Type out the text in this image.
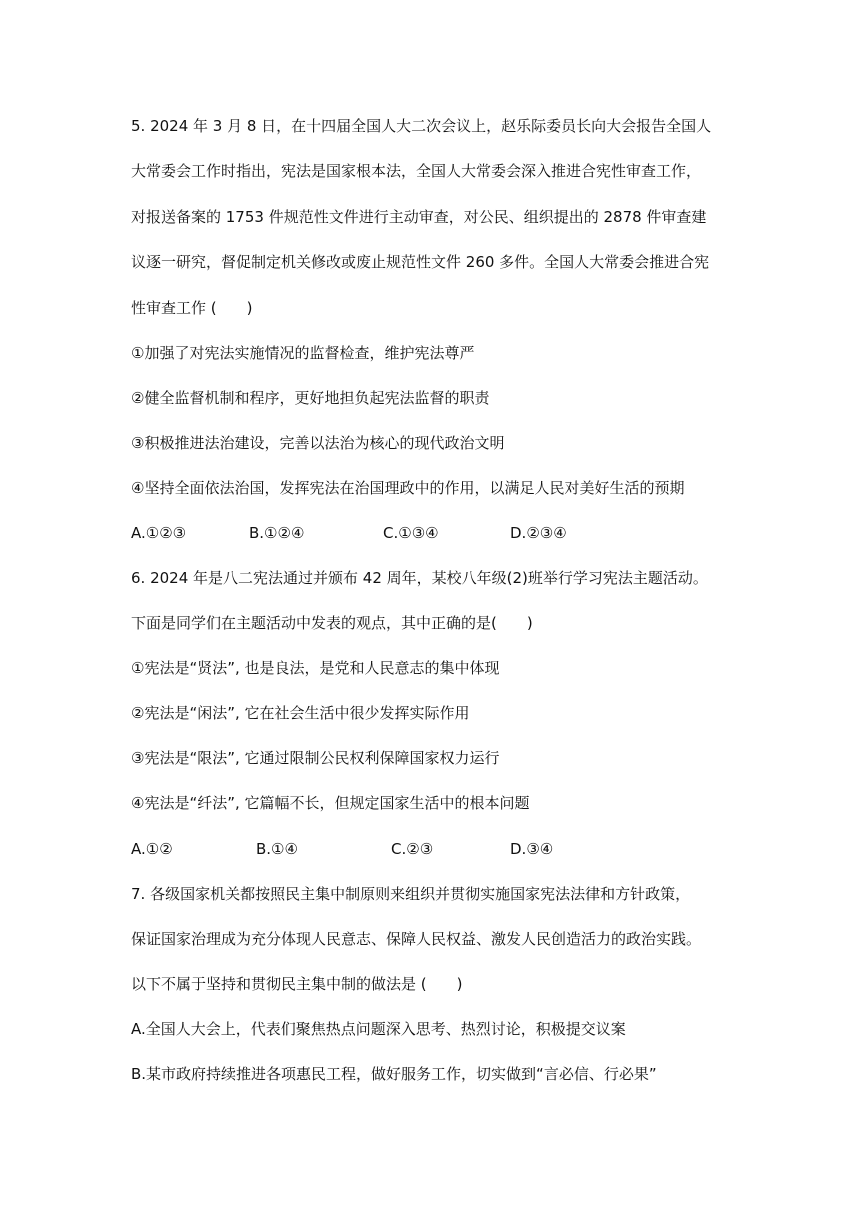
5. 2024 年 3 月 8 日，在十四届全国人大二次会议上，赵乐际委员长向大会报告全国人
大常委会工作时指出，宪法是国家根本法，全国人大常委会深入推进合宪性审查工作，
对报送备案的 1753 件规范性文件进行主动审查，对公民、组织提出的 2878 件审查建
议逐一研究，督促制定机关修改或废止规范性文件 260 多件。全国人大常委会推进合宪
性审查工作 (　　)
①加强了对宪法实施情况的监督检查，维护宪法尊严
②健全监督机制和程序，更好地担负起宪法监督的职责
③积极推进法治建设，完善以法治为核心的现代政治文明
④坚持全面依法治国，发挥宪法在治国理政中的作用，以满足人民对美好生活的预期
A.①②③	B.①②④	C.①③④	D.②③④
6. 2024 年是八二宪法通过并颁布 42 周年，某校八年级(2)班举行学习宪法主题活动。
下面是同学们在主题活动中发表的观点，其中正确的是(　　)
①宪法是“贤法”, 也是良法，是党和人民意志的集中体现
②宪法是“闲法”, 它在社会生活中很少发挥实际作用
③宪法是“限法”, 它通过限制公民权利保障国家权力运行
④宪法是“纤法”, 它篇幅不长，但规定国家生活中的根本问题
A.①②	B.①④	C.②③	D.③④
7. 各级国家机关都按照民主集中制原则来组织并贯彻实施国家宪法法律和方针政策，
保证国家治理成为充分体现人民意志、保障人民权益、激发人民创造活力的政治实践。
以下不属于坚持和贯彻民主集中制的做法是 (　　)
A.全国人大会上，代表们聚焦热点问题深入思考、热烈讨论，积极提交议案
B.某市政府持续推进各项惠民工程，做好服务工作，切实做到“言必信、行必果”
